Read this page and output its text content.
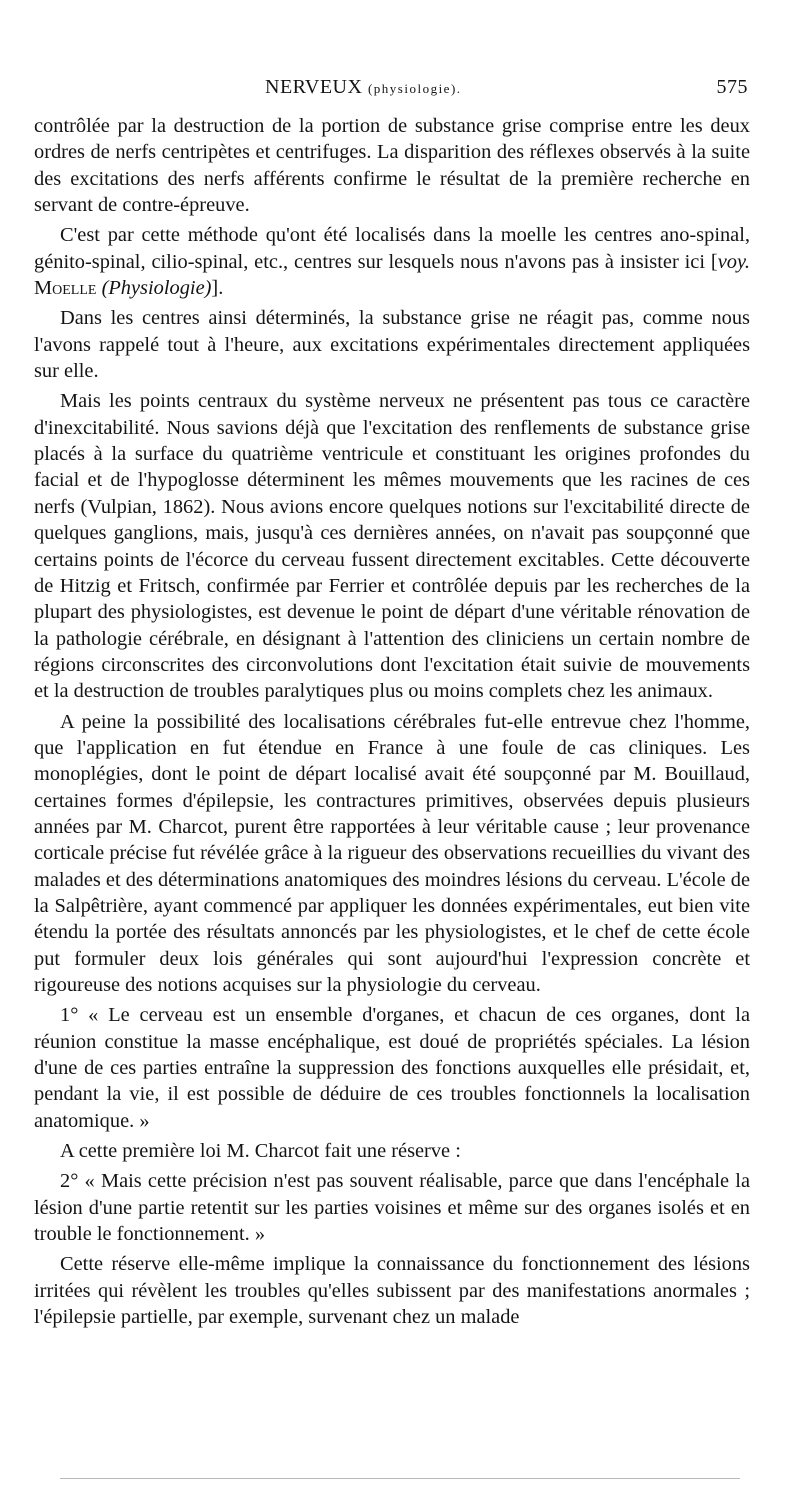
NERVEUX (physiologie).	575

contrôlée par la destruction de la portion de substance grise comprise entre les deux ordres de nerfs centripètes et centrifuges. La disparition des réflexes observés à la suite des excitations des nerfs afférents confirme le résultat de la première recherche en servant de contre-épreuve.

C'est par cette méthode qu'ont été localisés dans la moelle les centres ano-spinal, génito-spinal, cilio-spinal, etc., centres sur lesquels nous n'avons pas à insister ici [voy. Moelle (Physiologie)].

Dans les centres ainsi déterminés, la substance grise ne réagit pas, comme nous l'avons rappelé tout à l'heure, aux excitations expérimentales directement appliquées sur elle.

Mais les points centraux du système nerveux ne présentent pas tous ce caractère d'inexcitabilité. Nous savions déjà que l'excitation des renflements de substance grise placés à la surface du quatrième ventricule et constituant les origines profondes du facial et de l'hypoglosse déterminent les mêmes mouvements que les racines de ces nerfs (Vulpian, 1862). Nous avions encore quelques notions sur l'excitabilité directe de quelques ganglions, mais, jusqu'à ces dernières années, on n'avait pas soupçonné que certains points de l'écorce du cerveau fussent directement excitables. Cette découverte de Hitzig et Fritsch, confirmée par Ferrier et contrôlée depuis par les recherches de la plupart des physiologistes, est devenue le point de départ d'une véritable rénovation de la pathologie cérébrale, en désignant à l'attention des cliniciens un certain nombre de régions circonscrites des circonvolutions dont l'excitation était suivie de mouvements et la destruction de troubles paralytiques plus ou moins complets chez les animaux.

A peine la possibilité des localisations cérébrales fut-elle entrevue chez l'homme, que l'application en fut étendue en France à une foule de cas cliniques. Les monoplégies, dont le point de départ localisé avait été soupçonné par M. Bouillaud, certaines formes d'épilepsie, les contractures primitives, observées depuis plusieurs années par M. Charcot, purent être rapportées à leur véritable cause ; leur provenance corticale précise fut révélée grâce à la rigueur des observations recueillies du vivant des malades et des déterminations anatomiques des moindres lésions du cerveau. L'école de la Salpêtrière, ayant commencé par appliquer les données expérimentales, eut bien vite étendu la portée des résultats annoncés par les physiologistes, et le chef de cette école put formuler deux lois générales qui sont aujourd'hui l'expression concrète et rigoureuse des notions acquises sur la physiologie du cerveau.

1° « Le cerveau est un ensemble d'organes, et chacun de ces organes, dont la réunion constitue la masse encéphalique, est doué de propriétés spéciales. La lésion d'une de ces parties entraîne la suppression des fonctions auxquelles elle présidait, et, pendant la vie, il est possible de déduire de ces troubles fonctionnels la localisation anatomique. »

A cette première loi M. Charcot fait une réserve :

2° « Mais cette précision n'est pas souvent réalisable, parce que dans l'encéphale la lésion d'une partie retentit sur les parties voisines et même sur des organes isolés et en trouble le fonctionnement. »

Cette réserve elle-même implique la connaissance du fonctionnement des lésions irritées qui révèlent les troubles qu'elles subissent par des manifestations anormales ; l'épilepsie partielle, par exemple, survenant chez un malade
